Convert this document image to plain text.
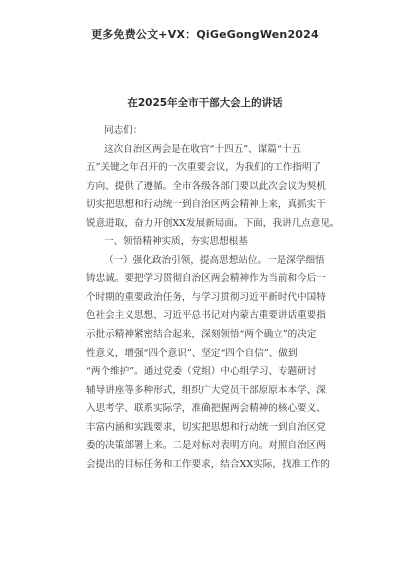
更多免费公文+VX：QiGeGongWen2024
在2025年全市干部大会上的讲话
同志们：
这次自治区两会是在收官“十四五”、谋篇“十五
五”关键之年召开的一次重要会议，为我们的工作指明了
方向、提供了遵循。全市各级各部门要以此次会议为契机
切实把思想和行动统一到自治区两会精神上来，真抓实干
锐意进取，奋力开创XX发展新局面。下面，我讲几点意见。
一、领悟精神实质，夯实思想根基
（一）强化政治引领，提高思想站位。一是深学细悟
铸忠诚。要把学习贯彻自治区两会精神作为当前和今后一
个时期的重要政治任务，与学习贯彻习近平新时代中国特
色社会主义思想、习近平总书记对内蒙古重要讲话重要指
示批示精神紧密结合起来，深刻领悟“两个确立”的决定
性意义，增强“四个意识”、坚定“四个自信”、做到
“两个维护”。通过党委（党组）中心组学习、专题研讨
辅导讲座等多种形式，组织广大党员干部原原本本学、深
入思考学、联系实际学，准确把握两会精神的核心要义、
丰富内涵和实践要求，切实把思想和行动统一到自治区党
委的决策部署上来。二是对标对表明方向。对照自治区两
会提出的目标任务和工作要求，结合XX实际，找准工作的
